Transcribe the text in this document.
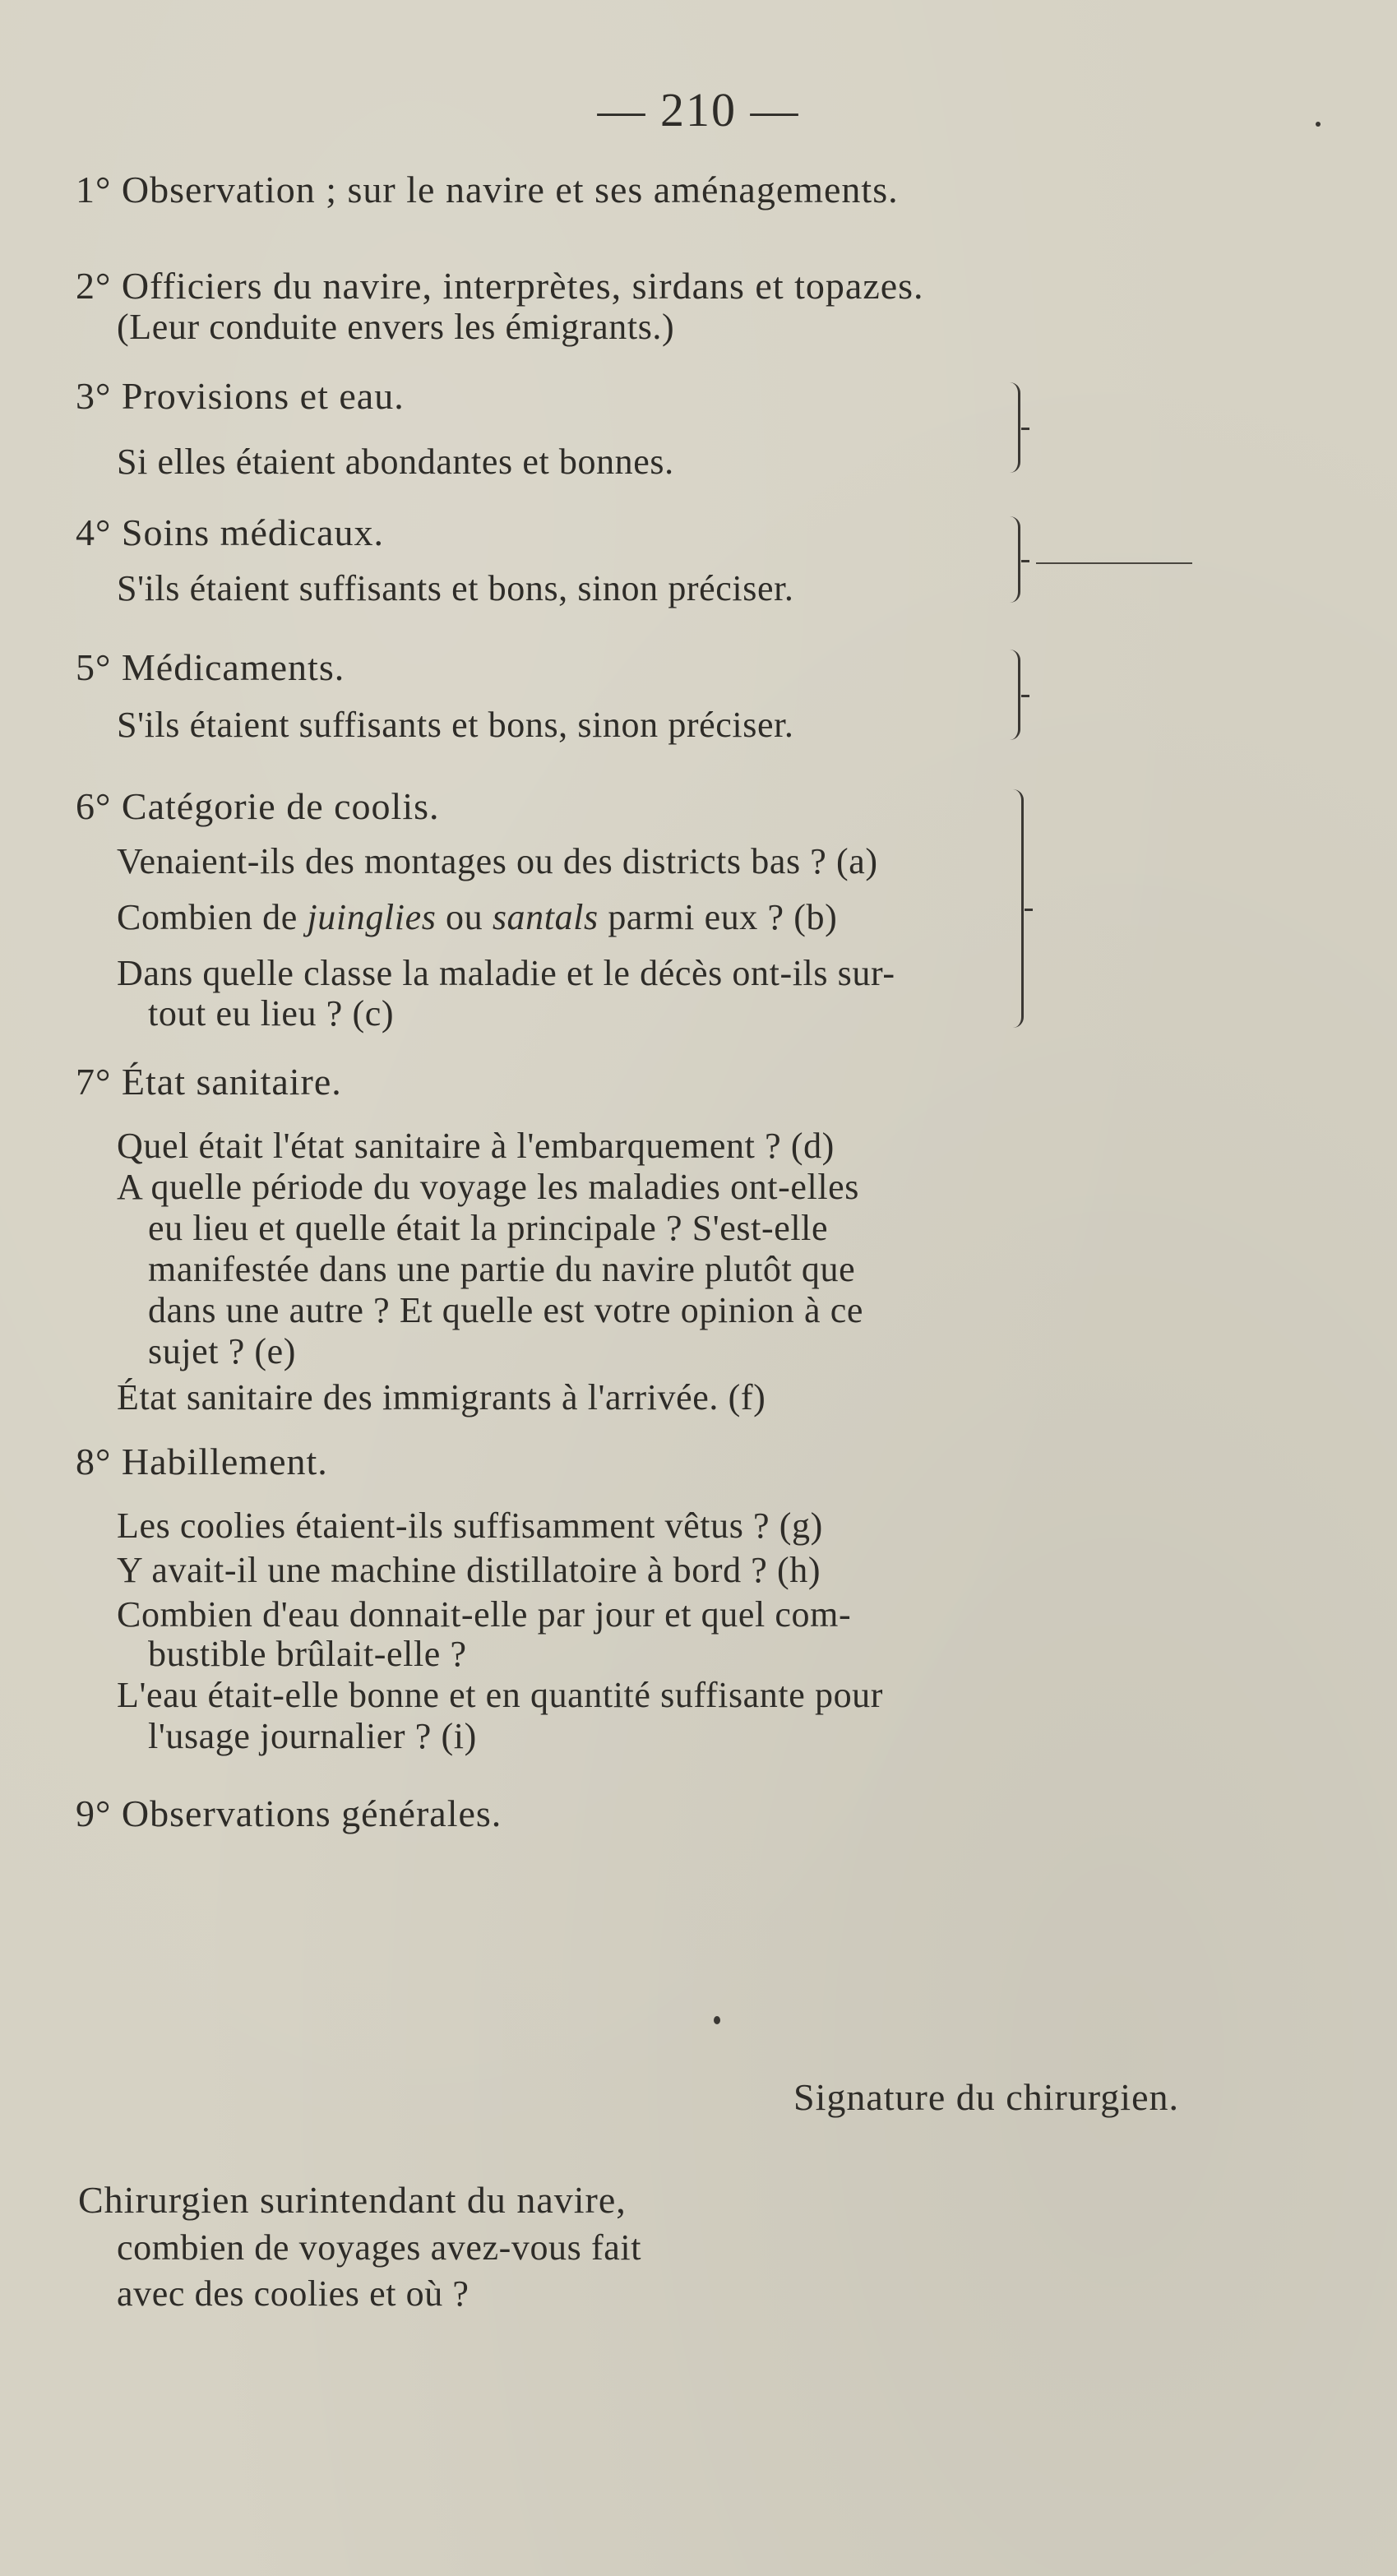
— 210 —
1° Observation ; sur le navire et ses aménagements.
2° Officiers du navire, interprètes, sirdans et topazes.
(Leur conduite envers les émigrants.)
3° Provisions et eau.
Si elles étaient abondantes et bonnes.
4° Soins médicaux.
S'ils étaient suffisants et bons, sinon préciser.
5° Médicaments.
S'ils étaient suffisants et bons, sinon préciser.
6° Catégorie de coolis.
Venaient-ils des montages ou des districts bas ? (a)
Combien de juinglies ou santals parmi eux ? (b)
Dans quelle classe la maladie et le décès ont-ils sur-
tout eu lieu ? (c)
7° État sanitaire.
Quel était l'état sanitaire à l'embarquement ? (d)
A quelle période du voyage les maladies ont-elles
eu lieu et quelle était la principale ? S'est-elle
manifestée dans une partie du navire plutôt que
dans une autre ? Et quelle est votre opinion à ce
sujet ? (e)
État sanitaire des immigrants à l'arrivée. (f)
8° Habillement.
Les coolies étaient-ils suffisamment vêtus ? (g)
Y avait-il une machine distillatoire à bord ? (h)
Combien d'eau donnait-elle par jour et quel com-
bustible brûlait-elle ?
L'eau était-elle bonne et en quantité suffisante pour
l'usage journalier ? (i)
9° Observations générales.
Signature du chirurgien.
Chirurgien surintendant du navire,
combien de voyages avez-vous fait
avec des coolies et où ?
